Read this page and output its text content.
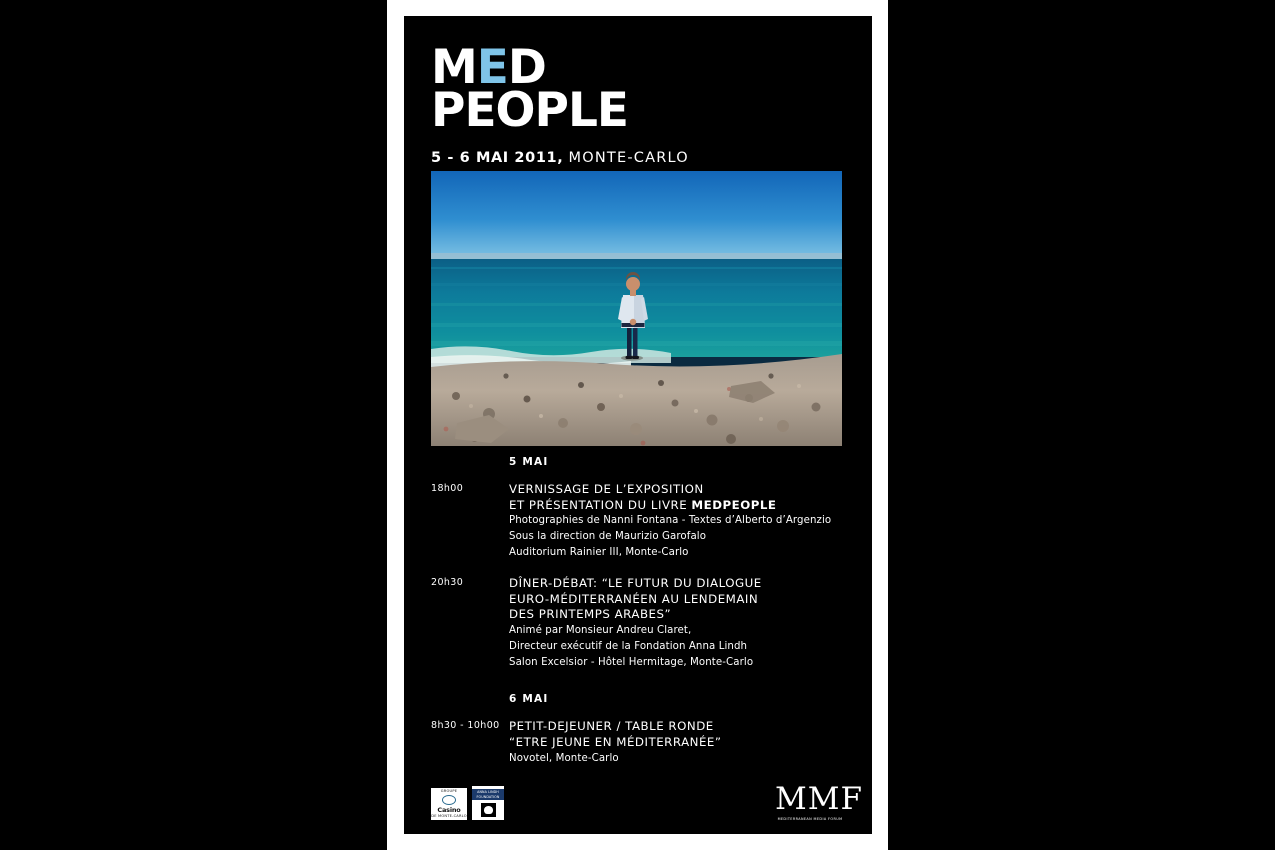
MED
PEOPLE
5 - 6 MAI 2011, MONTE-CARLO
5 MAI
18h00	VERNISSAGE DE L’EXPOSITION
ET PRÉSENTATION DU LIVRE MEDPEOPLE
Photographies de Nanni Fontana - Textes d’Alberto d’Argenzio
Sous la direction de Maurizio Garofalo
Auditorium Rainier III, Monte-Carlo
20h30	DÎNER-DÉBAT: “LE FUTUR DU DIALOGUE
EURO-MÉDITERRANÉEN AU LENDEMAIN
DES PRINTEMPS ARABES”
Animé par Monsieur Andreu Claret,
Directeur exécutif de la Fondation Anna Lindh
Salon Excelsior - Hôtel Hermitage, Monte-Carlo
6 MAI
8h30 - 10h00 PETIT-DEJEUNER / TABLE RONDE
“ETRE JEUNE EN MÉDITERRANÉE”
Novotel, Monte-Carlo
GROUPE
Casino
DE MONTE-CARLO
ANNA LINDH FOUNDATION	MMF
MEDITERRANEAN MEDIA FORUM
